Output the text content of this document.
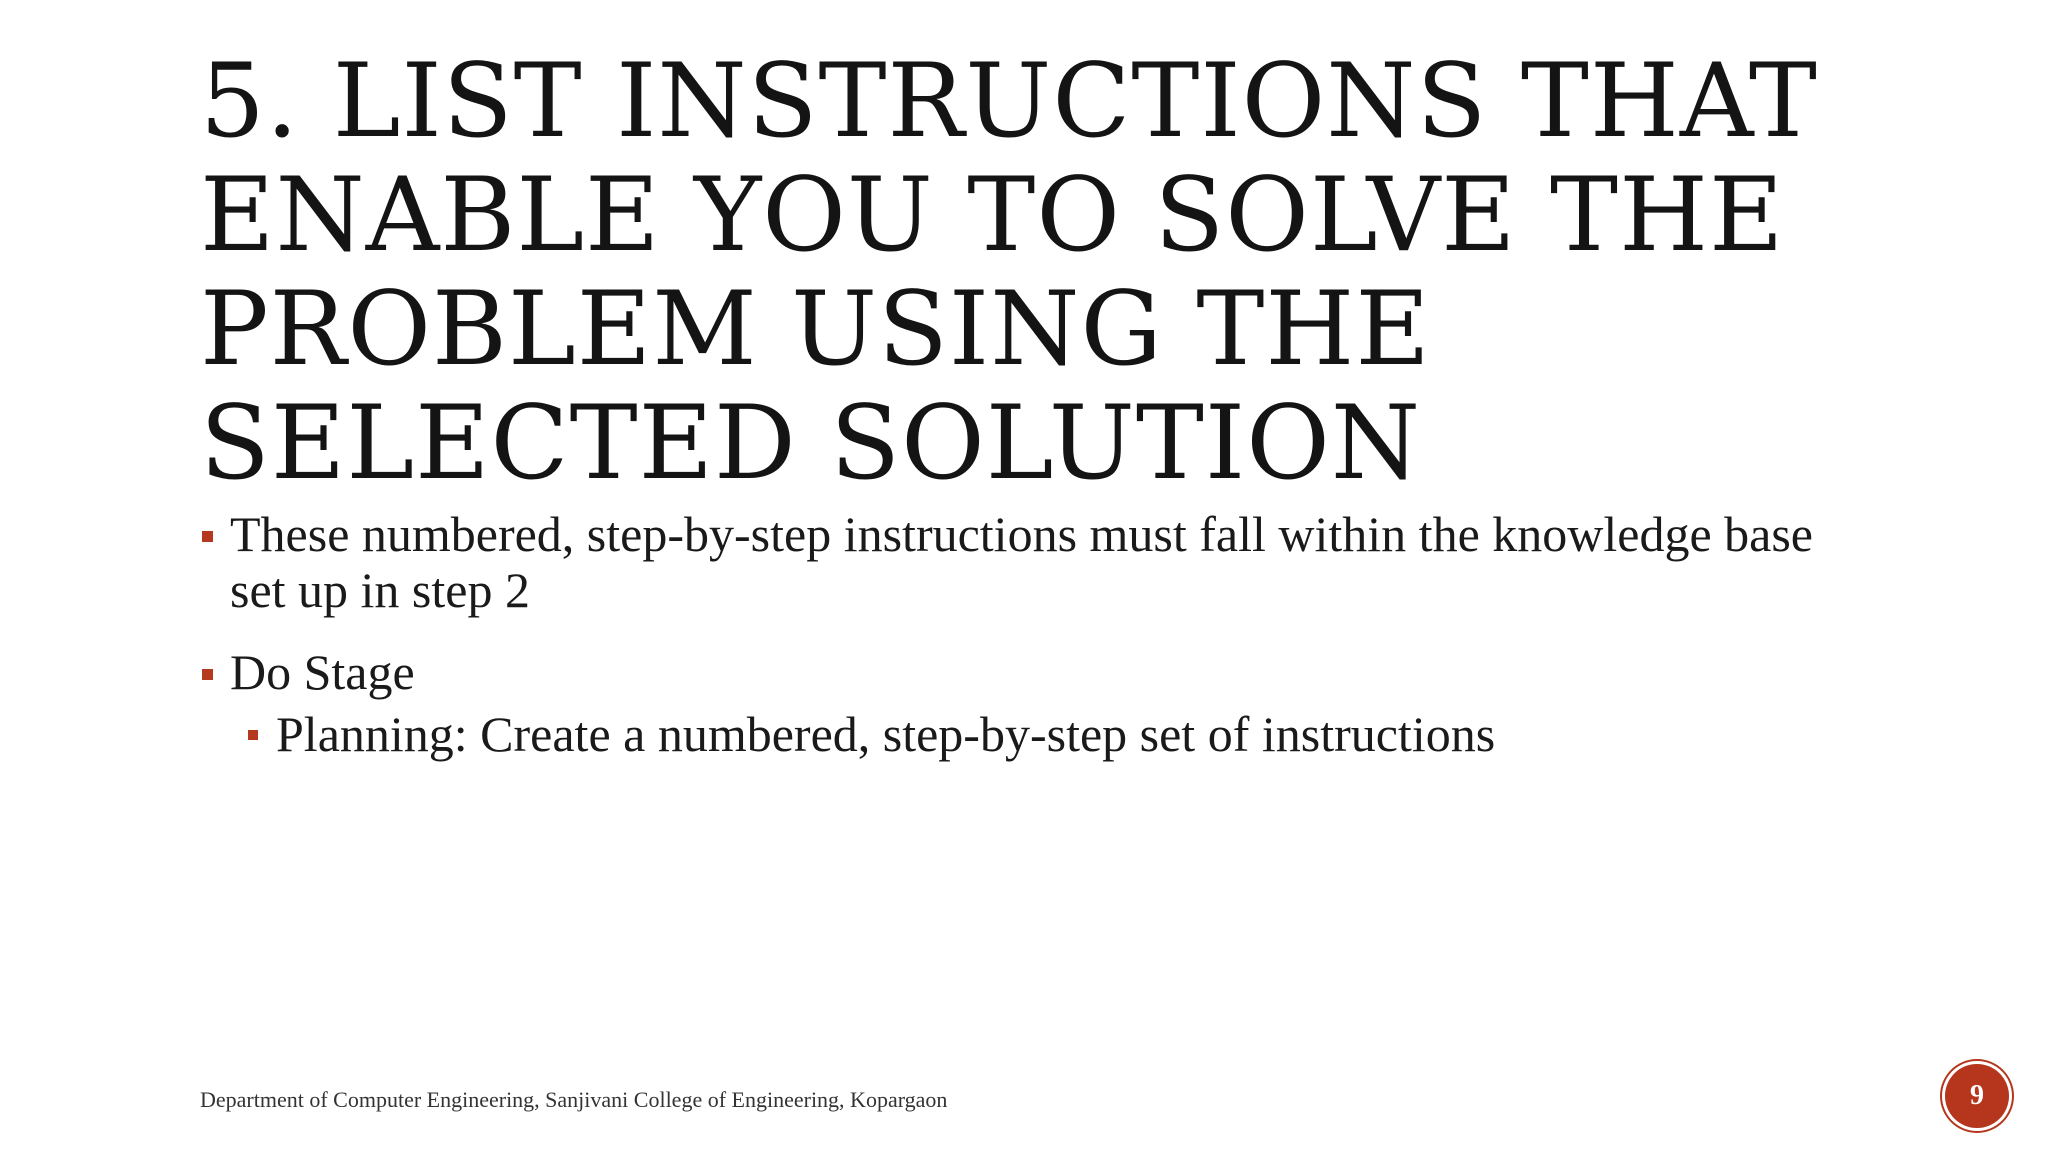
5. LIST INSTRUCTIONS THAT
ENABLE YOU TO SOLVE THE
PROBLEM USING THE
SELECTED SOLUTION
These numbered, step-by-step instructions must fall within the knowledge base set up in step 2
Do Stage
Planning: Create a numbered, step-by-step set of instructions
Department of Computer Engineering, Sanjivani College of Engineering, Kopargaon	9
